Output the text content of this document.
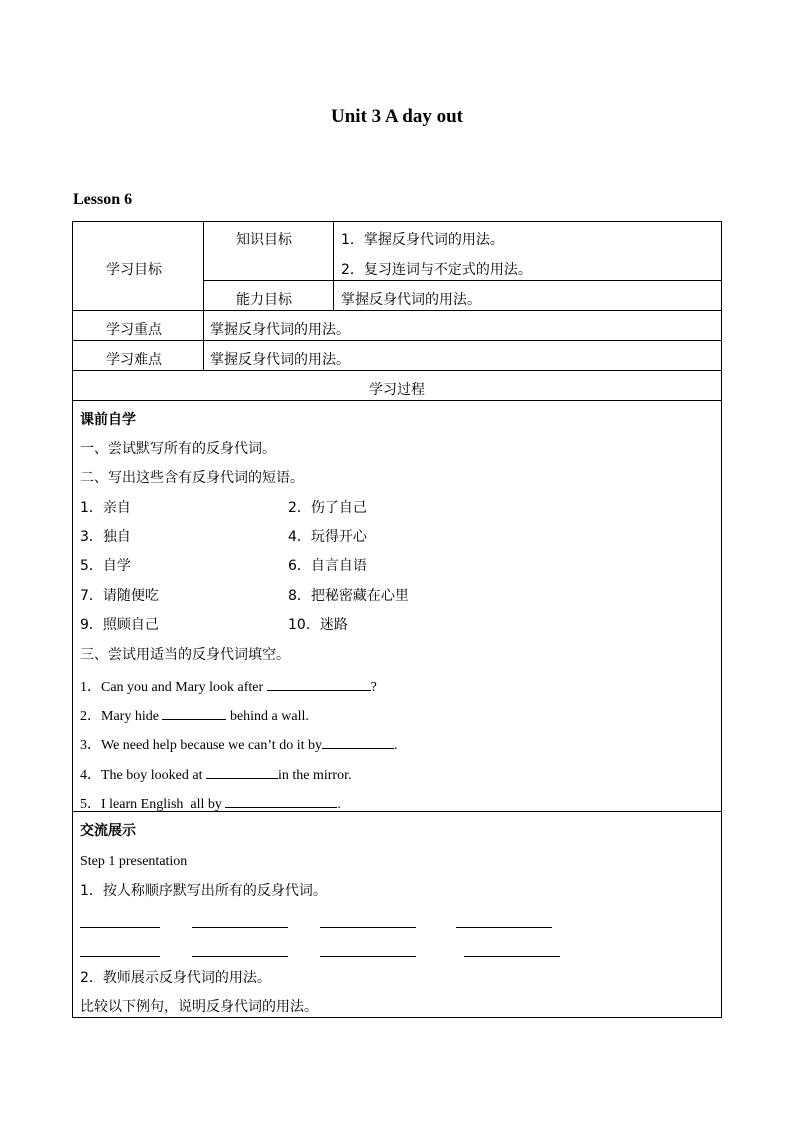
Unit 3 A day out
Lesson 6
学习目标
知识目标	1．掌握反身代词的用法。
2．复习连词与不定式的用法。
能力目标	掌握反身代词的用法。
学习重点	掌握反身代词的用法。
学习难点	掌握反身代词的用法。
学习过程
课前自学
一、尝试默写所有的反身代词。
二、写出这些含有反身代词的短语。
1．亲自	2．伤了自己
3．独自	4．玩得开心
5．自学	6．自言自语
7．请随便吃	8．把秘密藏在心里
9．照顾自己	10．迷路
三、尝试用适当的反身代词填空。
1．Can you and Mary look after	?
2．Mary hide	behind a wall.
3．We need help because we can’t do it by	.
4．The boy looked at	in the mirror.
5．I learn English  all by	.
交流展示
Step 1 presentation
1．按人称顺序默写出所有的反身代词。
2．教师展示反身代词的用法。
比较以下例句，说明反身代词的用法。
